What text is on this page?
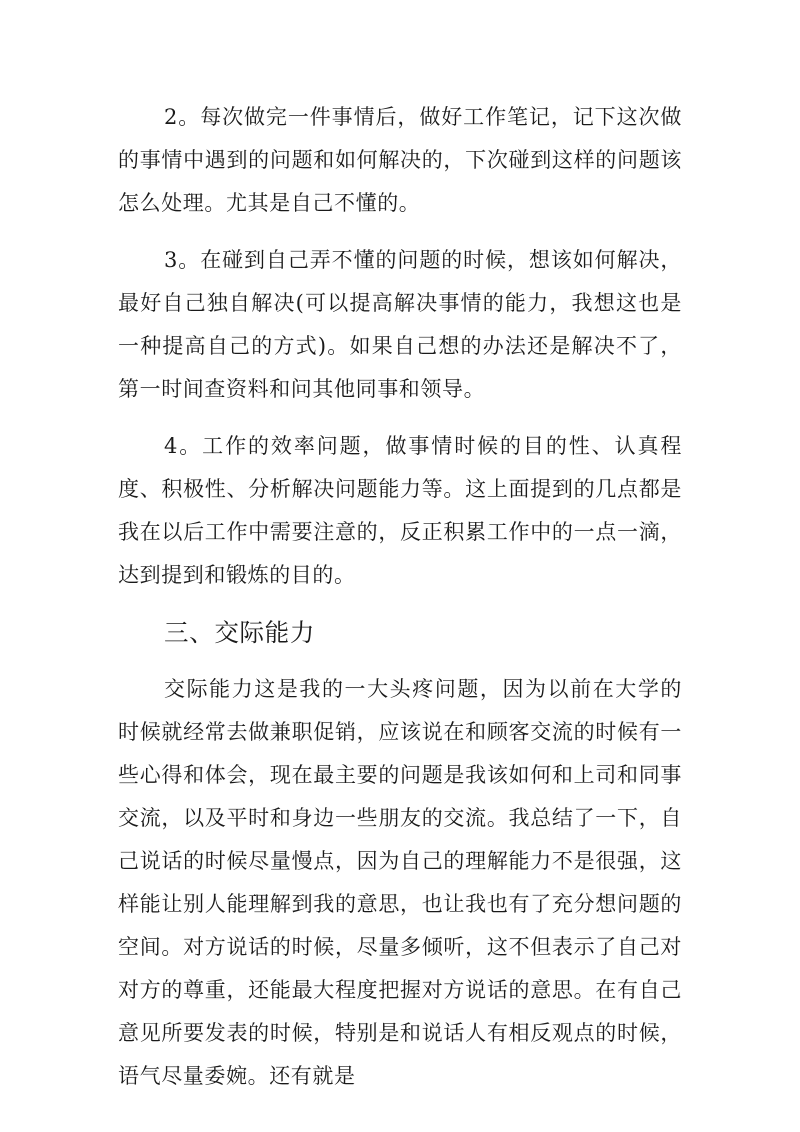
2。每次做完一件事情后，做好工作笔记，记下这次做的事情中遇到的问题和如何解决的，下次碰到这样的问题该怎么处理。尤其是自己不懂的。

3。在碰到自己弄不懂的问题的时候，想该如何解决，最好自己独自解决(可以提高解决事情的能力，我想这也是一种提高自己的方式)。如果自己想的办法还是解决不了，第一时间查资料和问其他同事和领导。

4。工作的效率问题，做事情时候的目的性、认真程度、积极性、分析解决问题能力等。这上面提到的几点都是我在以后工作中需要注意的，反正积累工作中的一点一滴，达到提到和锻炼的目的。

三、交际能力

交际能力这是我的一大头疼问题，因为以前在大学的时候就经常去做兼职促销，应该说在和顾客交流的时候有一些心得和体会，现在最主要的问题是我该如何和上司和同事交流，以及平时和身边一些朋友的交流。我总结了一下，自己说话的时候尽量慢点，因为自己的理解能力不是很强，这样能让别人能理解到我的意思，也让我也有了充分想问题的空间。对方说话的时候，尽量多倾听，这不但表示了自己对对方的尊重，还能最大程度把握对方说话的意思。在有自己意见所要发表的时候，特别是和说话人有相反观点的时候，语气尽量委婉。还有就是
